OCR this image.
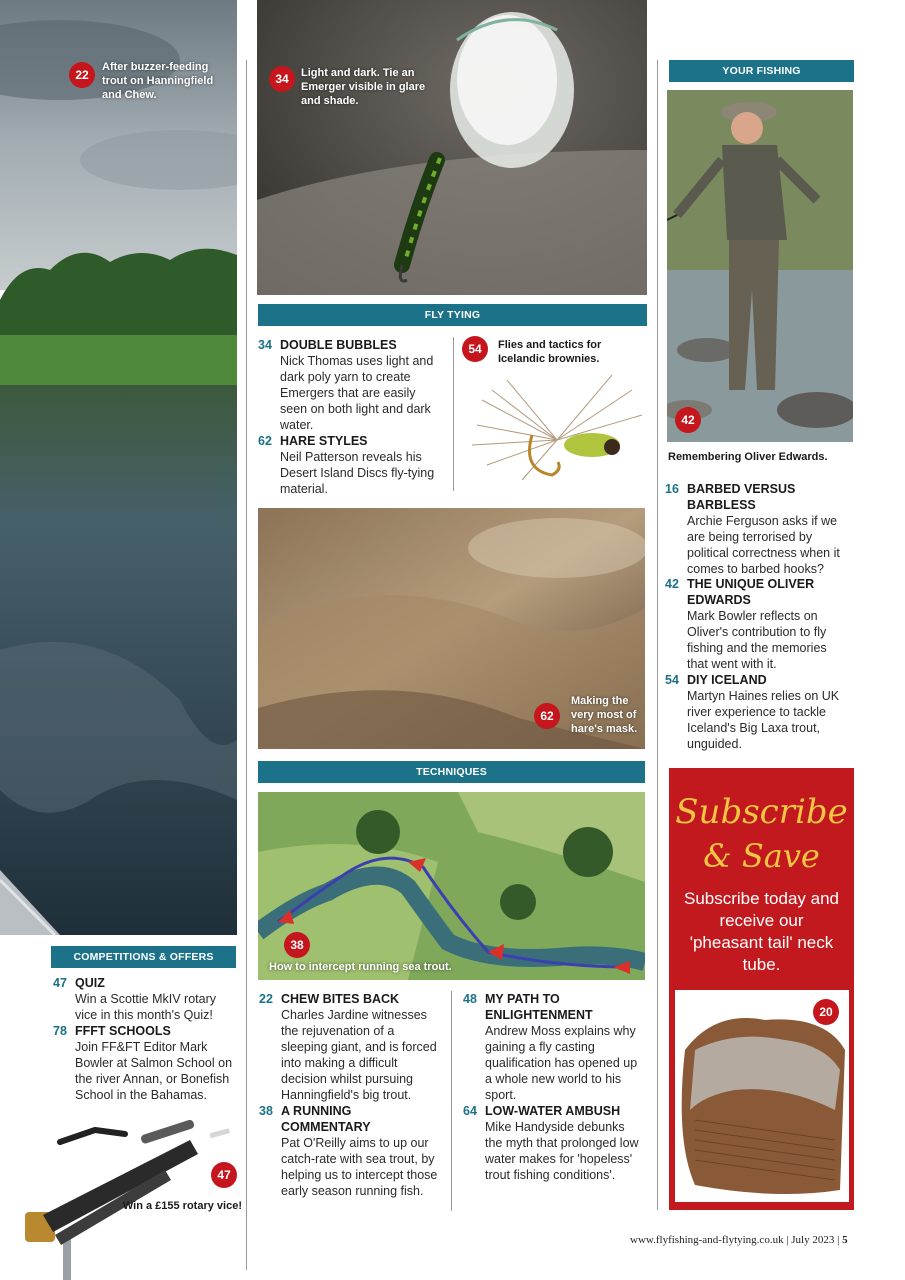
22
After buzzer-feeding trout on Hanningfield and Chew.
COMPETITIONS & OFFERS
47 QUIZ
Win a Scottie MkIV rotary vice in this month's Quiz!
78 FFFT SCHOOLS
Join FF&FT Editor Mark Bowler at Salmon School on the river Annan, or Bonefish School in the Bahamas.
47
Win a £155 rotary vice!
34	Light and dark. Tie an Emerger visible in glare and shade.
FLY TYING
34 DOUBLE BUBBLES
Nick Thomas uses light and dark poly yarn to create Emergers that are easily seen on both light and dark water.
62 HARE STYLES
Neil Patterson reveals his Desert Island Discs fly-tying material.
54	Flies and tactics for Icelandic brownies.
62
Making the very most of hare's mask.
TECHNIQUES
38
How to intercept running sea trout.
22 CHEW BITES BACK
Charles Jardine witnesses the rejuvenation of a sleeping giant, and is forced into making a difficult decision whilst pursuing Hanningfield's big trout.
38 A RUNNING COMMENTARY
Pat O'Reilly aims to up our catch-rate with sea trout, by helping us to intercept those early season running fish.
48 MY PATH TO ENLIGHTENMENT
Andrew Moss explains why gaining a fly casting qualification has opened up a whole new world to his sport.
64 LOW-WATER AMBUSH
Mike Handyside debunks the myth that prolonged low water makes for 'hopeless' trout fishing conditions'.
YOUR FISHING
42
Remembering Oliver Edwards.
16 BARBED VERSUS BARBLESS
Archie Ferguson asks if we are being terrorised by political correctness when it comes to barbed hooks?
42 THE UNIQUE OLIVER EDWARDS
Mark Bowler reflects on Oliver's contribution to fly fishing and the memories that went with it.
54 DIY ICELAND
Martyn Haines relies on UK river experience to tackle Iceland's Big Laxa trout, unguided.
Subscribe
& Save
Subscribe today and receive our 'pheasant tail' neck tube.
20
www.flyfishing-and-flytying.co.uk | July 2023 | 5
